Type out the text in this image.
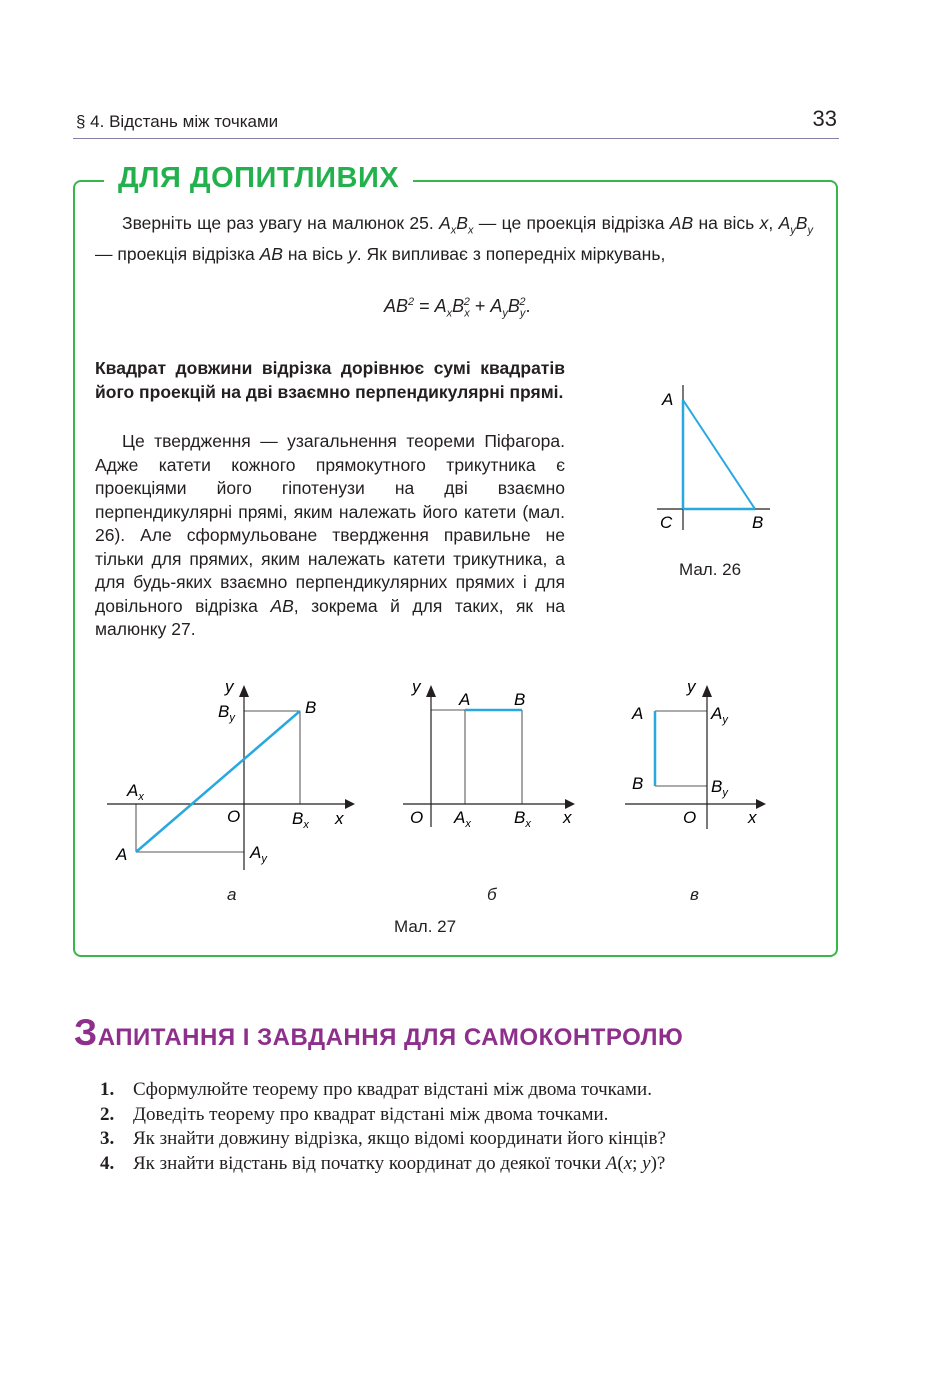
§ 4. Відстань між точками	33
ДЛЯ ДОПИТЛИВИХ
Зверніть ще раз увагу на малюнок 25. $A_xB_x$ — це проекція відрізка AB на вісь x, $A_yB_y$ — проекція відрізка AB на вісь y. Як випливає з попередніх міркувань,
$AB^2 = A_xB_x^2 + A_yB_y^2$.
Квадрат довжини відрізка дорівнює сумі квадратів його проекцій на дві взаємно перпендикулярні прямі.
Це твердження — узагальнення теореми Піфагора. Адже катети кожного прямокутного трикутника є проекціями його гіпотенузи на дві взаємно перпендикулярні прямі, яким належать його катети (мал. 26). Але сформульоване твердження правильне не тільки для прямих, яким належать катети трикутника, а для будь-яких взаємно перпендикулярних прямих і для довільного відрізка AB, зокрема й для таких, як на малюнку 27.
A
C	B
Мал. 26
y
$B_y$
B
$A_x$
O	$B_x$ x
A	$A_y$
а
y
A	B
O $A_x$	$B_x$ x
б
y
A	$A_y$
B	$B_y$
O	x
в
Мал. 27
ЗАПИТАННЯ І ЗАВДАННЯ ДЛЯ САМОКОНТРОЛЮ
1. Сформулюйте теорему про квадрат відстані між двома точками.
2. Доведіть теорему про квадрат відстані між двома точками.
3. Як знайти довжину відрізка, якщо відомі координати його кінців?
4. Як знайти відстань від початку координат до деякої точки A(x; y)?
